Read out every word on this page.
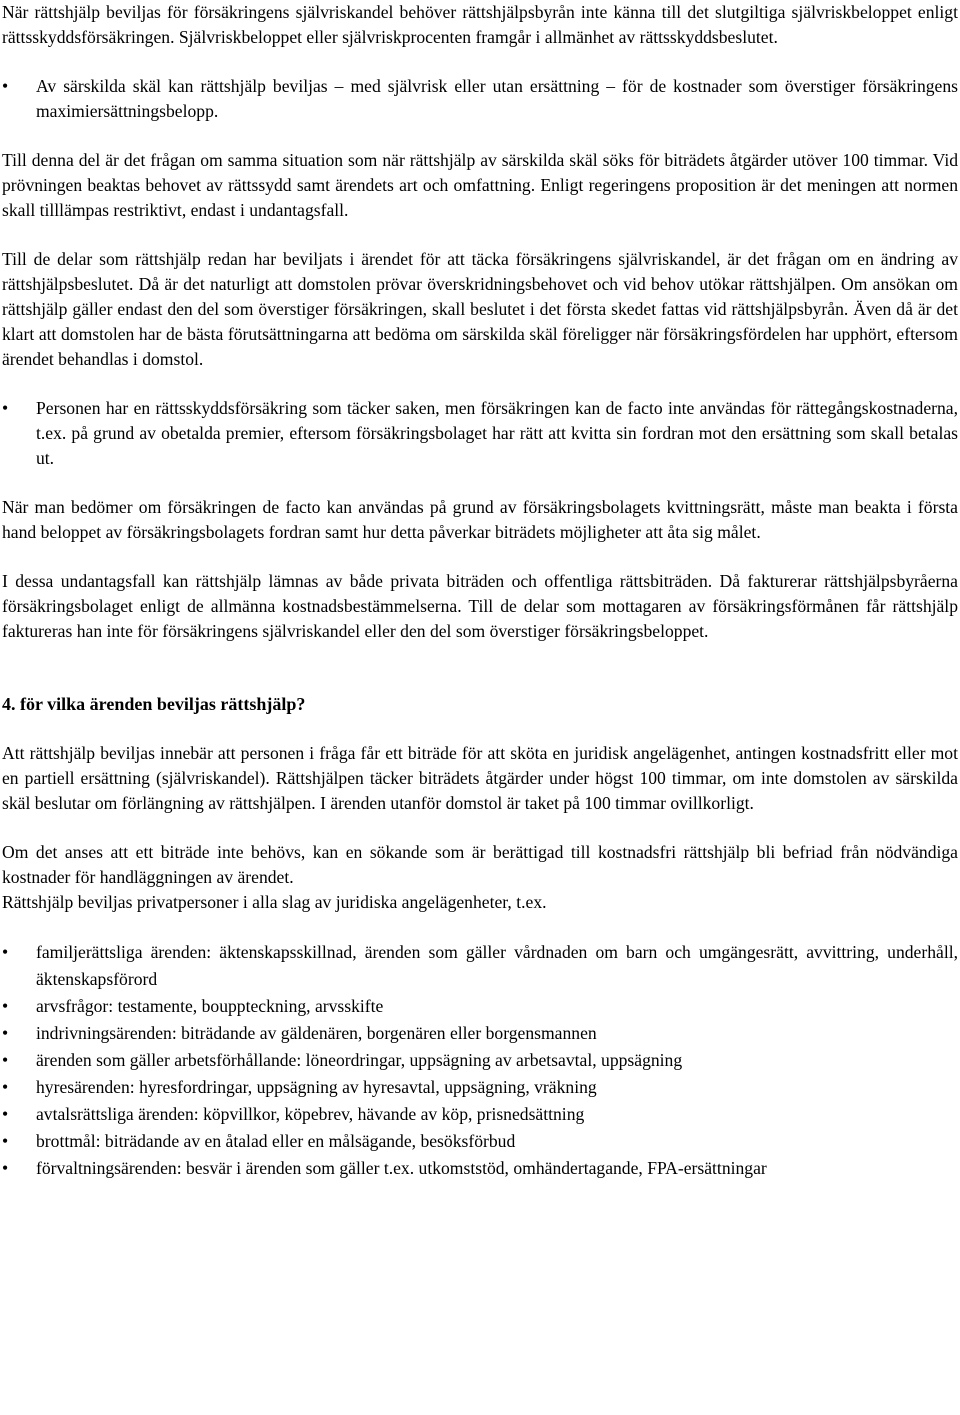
När rättshjälp beviljas för försäkringens självriskandel behöver rättshjälpsbyrån inte känna till det slutgiltiga självriskbeloppet enligt rättsskyddsförsäkringen. Självriskbeloppet eller självriskprocenten framgår i allmänhet av rättsskyddsbeslutet.

•	Av särskilda skäl kan rättshjälp beviljas – med självrisk eller utan ersättning – för de kostnader som överstiger försäkringens maximiersättningsbelopp.

Till denna del är det frågan om samma situation som när rättshjälp av särskilda skäl söks för biträdets åtgärder utöver 100 timmar. Vid prövningen beaktas behovet av rättssydd samt ärendets art och omfattning. Enligt regeringens proposition är det meningen att normen skall tilllämpas restriktivt, endast i undantagsfall.

Till de delar som rättshjälp redan har beviljats i ärendet för att täcka försäkringens självriskandel, är det frågan om en ändring av rättshjälpsbeslutet. Då är det naturligt att domstolen prövar överskridningsbehovet och vid behov utökar rättshjälpen. Om ansökan om rättshjälp gäller endast den del som överstiger försäkringen, skall beslutet i det första skedet fattas vid rättshjälpsbyrån. Även då är det klart att domstolen har de bästa förutsättningarna att bedöma om särskilda skäl föreligger när försäkringsfördelen har upphört, eftersom ärendet behandlas i domstol.

•	Personen har en rättsskyddsförsäkring som täcker saken, men försäkringen kan de facto inte användas för rättegångskostnaderna, t.ex. på grund av obetalda premier, eftersom försäkringsbolaget har rätt att kvitta sin fordran mot den ersättning som skall betalas ut.

När man bedömer om försäkringen de facto kan användas på grund av försäkringsbolagets kvittningsrätt, måste man beakta i första hand beloppet av försäkringsbolagets fordran samt hur detta påverkar biträdets möjligheter att åta sig målet.

I dessa undantagsfall kan rättshjälp lämnas av både privata biträden och offentliga rättsbiträden. Då fakturerar rättshjälpsbyråerna försäkringsbolaget enligt de allmänna kostnadsbestämmelserna. Till de delar som mottagaren av försäkringsförmånen får rättshjälp faktureras han inte för försäkringens självriskandel eller den del som överstiger försäkringsbeloppet.

4. för vilka ärenden beviljas rättshjälp?

Att rättshjälp beviljas innebär att personen i fråga får ett biträde för att sköta en juridisk angelägenhet, antingen kostnadsfritt eller mot en partiell ersättning (självriskandel). Rättshjälpen täcker biträdets åtgärder under högst 100 timmar, om inte domstolen av särskilda skäl beslutar om förlängning av rättshjälpen. I ärenden utanför domstol är taket på 100 timmar ovillkorligt.

Om det anses att ett biträde inte behövs, kan en sökande som är berättigad till kostnadsfri rättshjälp bli befriad från nödvändiga kostnader för handläggningen av ärendet.

Rättshjälp beviljas privatpersoner i alla slag av juridiska angelägenheter, t.ex.

•	familjerättsliga ärenden: äktenskapsskillnad, ärenden som gäller vårdnaden om barn och umgängesrätt, avvittring, underhåll, äktenskapsförord

•	arvsfrågor: testamente, bouppteckning, arvsskifte

•	indrivningsärenden: biträdande av gäldenären, borgenären eller borgensmannen

•	ärenden som gäller arbetsförhållande: löneordringar, uppsägning av arbetsavtal, uppsägning

•	hyresärenden: hyresfordringar, uppsägning av hyresavtal, uppsägning, vräkning

•	avtalsrättsliga ärenden: köpvillkor, köpebrev, hävande av köp, prisnedsättning

•	brottmål: biträdande av en åtalad eller en målsägande, besöksförbud

•	förvaltningsärenden: besvär i ärenden som gäller t.ex. utkomststöd, omhändertagande, FPA-ersättningar
